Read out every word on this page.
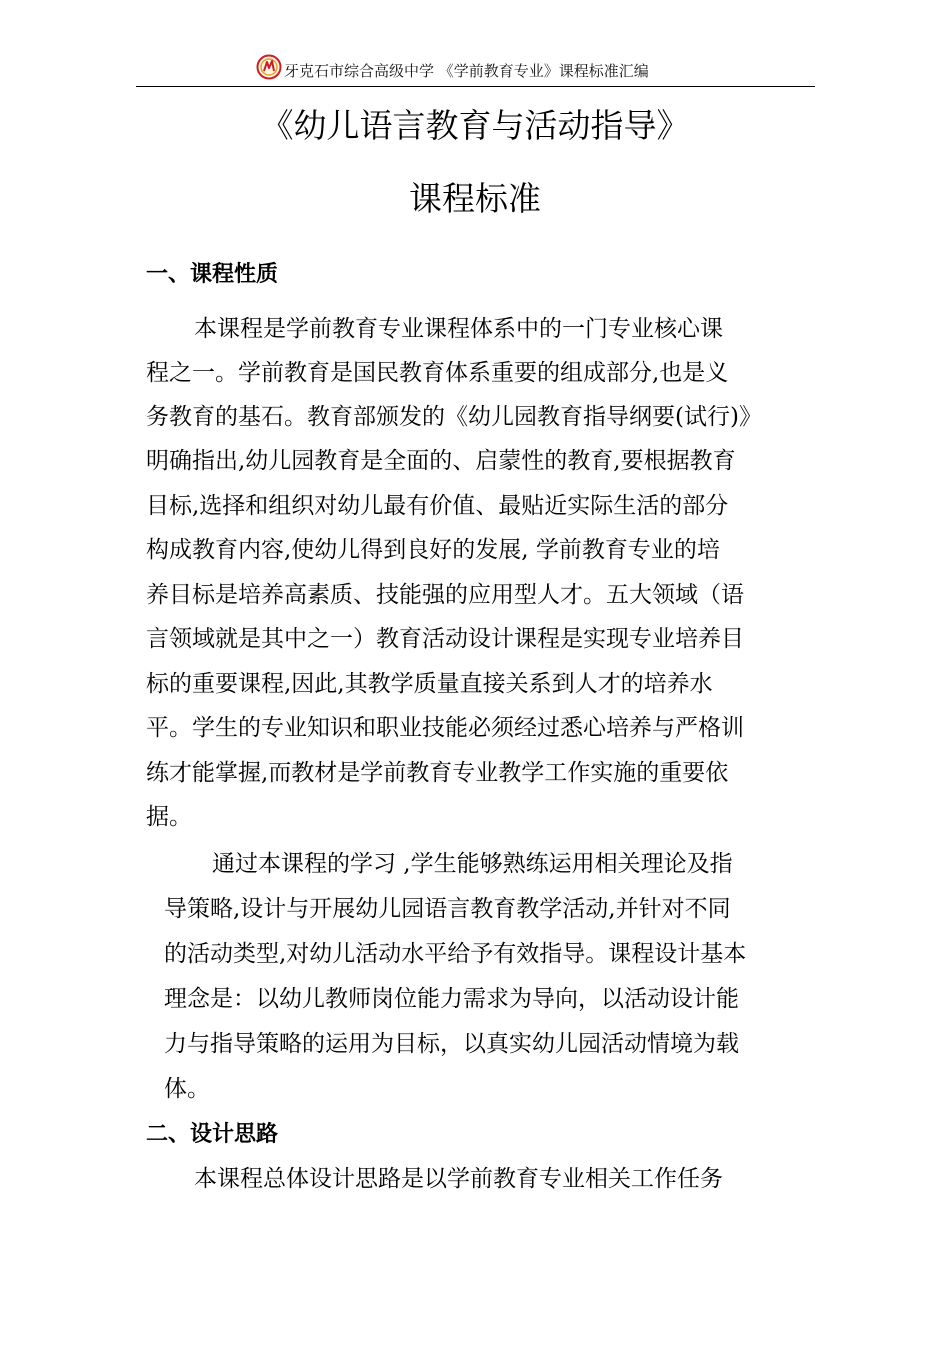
牙克石市综合高级中学 《学前教育专业》课程标准汇编
《幼儿语言教育与活动指导》
课程标准
一、课程性质
本课程是学前教育专业课程体系中的一门专业核心课
程之一。学前教育是国民教育体系重要的组成部分,也是义
务教育的基石。教育部颁发的《幼儿园教育指导纲要(试行)》
明确指出,幼儿园教育是全面的、启蒙性的教育,要根据教育
目标,选择和组织对幼儿最有价值、最贴近实际生活的部分
构成教育内容,使幼儿得到良好的发展, 学前教育专业的培
养目标是培养高素质、技能强的应用型人才。五大领域（语
言领域就是其中之一）教育活动设计课程是实现专业培养目
标的重要课程,因此,其教学质量直接关系到人才的培养水
平。学生的专业知识和职业技能必须经过悉心培养与严格训
练才能掌握,而教材是学前教育专业教学工作实施的重要依
据。
通过本课程的学习 ,学生能够熟练运用相关理论及指
导策略,设计与开展幼儿园语言教育教学活动,并针对不同
的活动类型,对幼儿活动水平给予有效指导。课程设计基本
理念是：以幼儿教师岗位能力需求为导向，以活动设计能
力与指导策略的运用为目标，以真实幼儿园活动情境为载
体。
二、设计思路
本课程总体设计思路是以学前教育专业相关工作任务
